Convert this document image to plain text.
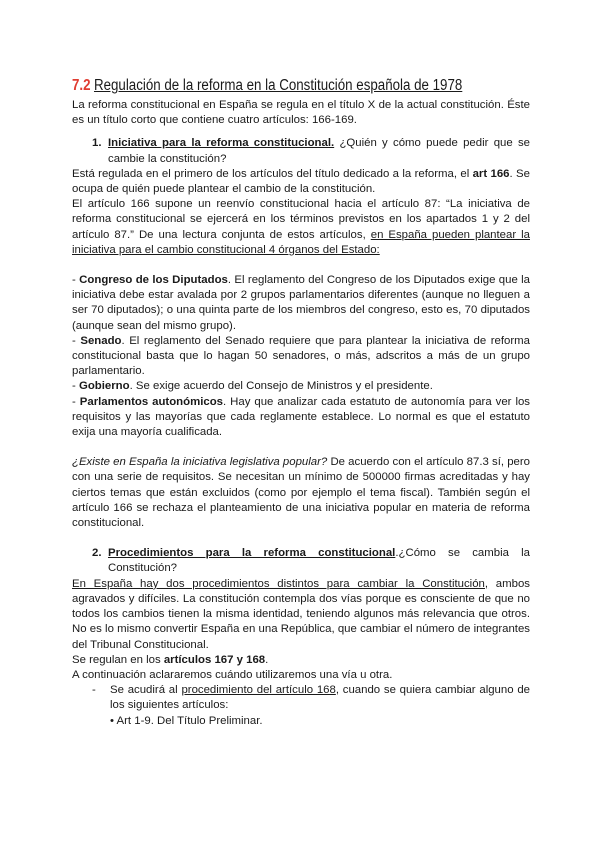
7.2 Regulación de la reforma en la Constitución española de 1978

La reforma constitucional en España se regula en el título X de la actual constitución. Éste es un título corto que contiene cuatro artículos: 166-169.

1. Iniciativa para la reforma constitucional. ¿Quién y cómo puede pedir que se cambie la constitución?

Está regulada en el primero de los artículos del título dedicado a la reforma, el art 166. Se ocupa de quién puede plantear el cambio de la constitución.

El artículo 166 supone un reenvío constitucional hacia el artículo 87: “La iniciativa de reforma constitucional se ejercerá en los términos previstos en los apartados 1 y 2 del artículo 87.” De una lectura conjunta de estos artículos, en España pueden plantear la iniciativa para el cambio constitucional 4 órganos del Estado:

- Congreso de los Diputados. El reglamento del Congreso de los Diputados exige que la iniciativa debe estar avalada por 2 grupos parlamentarios diferentes (aunque no lleguen a ser 70 diputados); o una quinta parte de los miembros del congreso, esto es, 70 diputados (aunque sean del mismo grupo).

- Senado. El reglamento del Senado requiere que para plantear la iniciativa de reforma constitucional basta que lo hagan 50 senadores, o más, adscritos a más de un grupo parlamentario.

- Gobierno. Se exige acuerdo del Consejo de Ministros y el presidente.

- Parlamentos autonómicos. Hay que analizar cada estatuto de autonomía para ver los requisitos y las mayorías que cada reglamente establece. Lo normal es que el estatuto exija una mayoría cualificada.

¿Existe en España la iniciativa legislativa popular? De acuerdo con el artículo 87.3 sí, pero con una serie de requisitos. Se necesitan un mínimo de 500000 firmas acreditadas y hay ciertos temas que están excluidos (como por ejemplo el tema fiscal). También según el artículo 166 se rechaza el planteamiento de una iniciativa popular en materia de reforma constitucional.

2. Procedimientos para la reforma constitucional.¿Cómo se cambia la Constitución?

En España hay dos procedimientos distintos para cambiar la Constitución, ambos agravados y difíciles. La constitución contempla dos vías porque es consciente de que no todos los cambios tienen la misma identidad, teniendo algunos más relevancia que otros. No es lo mismo convertir España en una República, que cambiar el número de integrantes del Tribunal Constitucional.

Se regulan en los artículos 167 y 168.

A continuación aclararemos cuándo utilizaremos una vía u otra.

-	Se acudirá al procedimiento del artículo 168, cuando se quiera cambiar alguno de los siguientes artículos:
• Art 1-9. Del Título Preliminar.
